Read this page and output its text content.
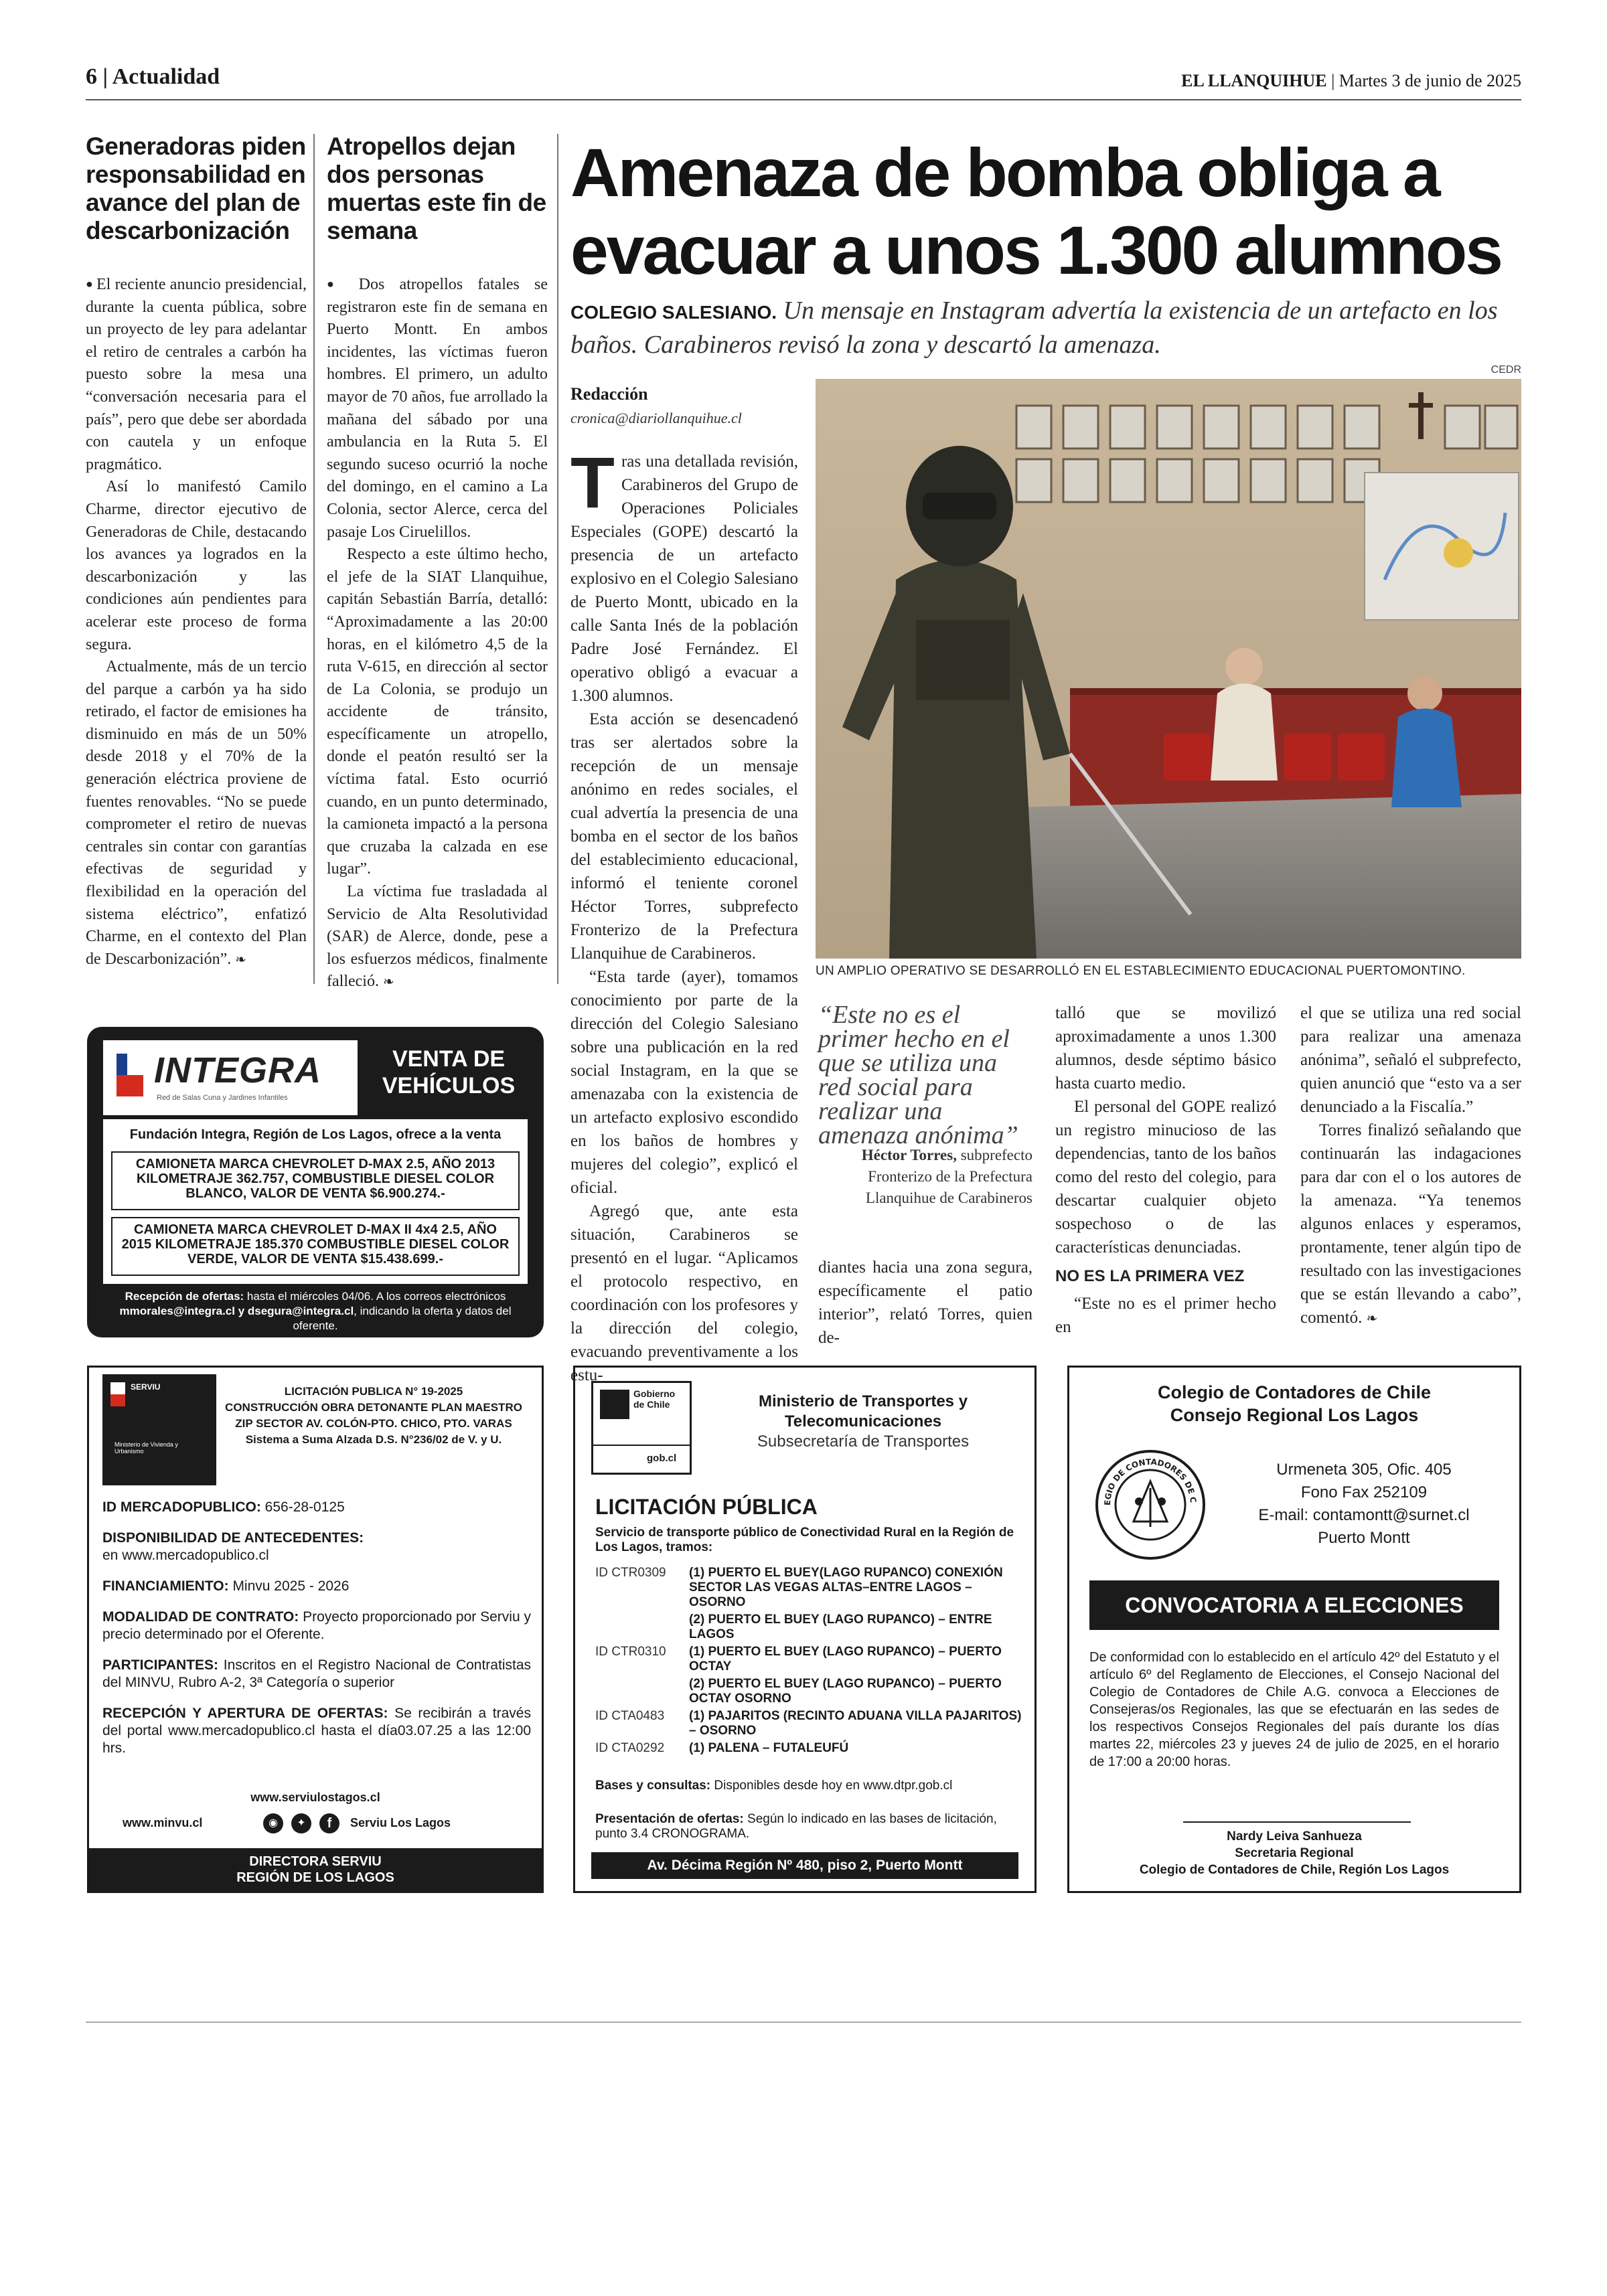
6 | Actualidad	EL LLANQUIHUE | Martes 3 de junio de 2025
Generadoras piden responsabilidad en avance del plan de descarbonización

● El reciente anuncio presidencial, durante la cuenta pública, sobre un proyecto de ley para adelantar el retiro de centrales a carbón ha puesto sobre la mesa una “conversación necesaria para el país”, pero que debe ser abordada con cautela y un enfoque pragmático.

Así lo manifestó Camilo Charme, director ejecutivo de Generadoras de Chile, destacando los avances ya logrados en la descarbonización y las condiciones aún pendientes para acelerar este proceso de forma segura.

Actualmente, más de un tercio del parque a carbón ya ha sido retirado, el factor de emisiones ha disminuido en más de un 50% desde 2018 y el 70% de la generación eléctrica proviene de fuentes renovables. “No se puede comprometer el retiro de nuevas centrales sin contar con garantías efectivas de seguridad y flexibilidad en la operación del sistema eléctrico”, enfatizó Charme, en el contexto del Plan de Descarbonización”. ❧

Atropellos dejan dos personas muertas este fin de semana

● Dos atropellos fatales se registraron este fin de semana en Puerto Montt. En ambos incidentes, las víctimas fueron hombres. El primero, un adulto mayor de 70 años, fue arrollado la mañana del sábado por una ambulancia en la Ruta 5. El segundo suceso ocurrió la noche del domingo, en el camino a La Colonia, sector Alerce, cerca del pasaje Los Ciruelillos.

Respecto a este último hecho, el jefe de la SIAT Llanquihue, capitán Sebastián Barría, detalló: “Aproximadamente a las 20:00 horas, en el kilómetro 4,5 de la ruta V-615, en dirección al sector de La Colonia, se produjo un accidente de tránsito, específicamente un atropello, donde el peatón resultó ser la víctima fatal. Esto ocurrió cuando, en un punto determinado, la camioneta impactó a la persona que cruzaba la calzada en ese lugar”.

La víctima fue trasladada al Servicio de Alta Resolutividad (SAR) de Alerce, donde, pese a los esfuerzos médicos, finalmente falleció. ❧

Amenaza de bomba obliga a evacuar a unos 1.300 alumnos
COLEGIO SALESIANO. Un mensaje en Instagram advertía la existencia de un artefacto en los baños. Carabineros revisó la zona y descartó la amenaza.
Redacción
cronica@diariollanquihue.cl

Tras una detallada revisión, Carabineros del Grupo de Operaciones Policiales Especiales (GOPE) descartó la presencia de un artefacto explosivo en el Colegio Salesiano de Puerto Montt, ubicado en la calle Santa Inés de la población Padre José Fernández. El operativo obligó a evacuar a 1.300 alumnos.

Esta acción se desencadenó tras ser alertados sobre la recepción de un mensaje anónimo en redes sociales, el cual advertía la presencia de una bomba en el sector de los baños del establecimiento educacional, informó el teniente coronel Héctor Torres, subprefecto Fronterizo de la Prefectura Llanquihue de Carabineros.

“Esta tarde (ayer), tomamos conocimiento por parte de la dirección del Colegio Salesiano sobre una publicación en la red social Instagram, en la que se amenazaba con la existencia de un artefacto explosivo escondido en los baños de hombres y mujeres del colegio”, explicó el oficial.

Agregó que, ante esta situación, Carabineros se presentó en el lugar. “Aplicamos el protocolo respectivo, en coordinación con los profesores y la dirección del colegio, evacuando preventivamente a los estu-

CEDR
UN AMPLIO OPERATIVO SE DESARROLLÓ EN EL ESTABLECIMIENTO EDUCACIONAL PUERTOMONTINO.
“Este no es el primer hecho en el que se utiliza una red social para realizar una amenaza anónima”
Héctor Torres, subprefecto
Fronterizo de la Prefectura
Llanquihue de Carabineros

diantes hacia una zona segura, específicamente el patio interior”, relató Torres, quien de-

talló que se movilizó aproximadamente a unos 1.300 alumnos, desde séptimo básico hasta cuarto medio.

El personal del GOPE realizó un registro minucioso de las dependencias, tanto de los baños como del resto del colegio, para descartar cualquier objeto sospechoso o de las características denunciadas.

NO ES LA PRIMERA VEZ

“Este no es el primer hecho en

el que se utiliza una red social para realizar una amenaza anónima”, señaló el subprefecto, quien anunció que “esto va a ser denunciado a la Fiscalía.”

Torres finalizó señalando que continuarán las indagaciones para dar con el o los autores de la amenaza. “Ya tenemos algunos enlaces y esperamos, prontamente, tener algún tipo de resultado con las investigaciones que se están llevando a cabo”, comentó. ❧

INTEGRA
Red de Salas Cuna y Jardines Infantiles
VENTA DE VEHÍCULOS
Fundación Integra, Región de Los Lagos, ofrece a la venta
CAMIONETA MARCA CHEVROLET D-MAX 2.5, AÑO 2013 KILOMETRAJE 362.757, COMBUSTIBLE DIESEL COLOR BLANCO, VALOR DE VENTA $6.900.274.-
CAMIONETA MARCA CHEVROLET D-MAX II 4x4 2.5, AÑO 2015 KILOMETRAJE 185.370 COMBUSTIBLE DIESEL COLOR VERDE, VALOR DE VENTA $15.438.699.-
Recepción de ofertas: hasta el miércoles 04/06. A los correos electrónicos mmorales@integra.cl y dsegura@integra.cl, indicando la oferta y datos del oferente.
SERVIU
Ministerio de Vivienda y Urbanismo
LICITACIÓN PUBLICA N° 19-2025
CONSTRUCCIÓN OBRA DETONANTE PLAN MAESTRO
ZIP SECTOR AV. COLÓN-PTO. CHICO, PTO. VARAS
Sistema a Suma Alzada D.S. N°236/02 de V. y U.
ID MERCADOPUBLICO: 656-28-0125
DISPONIBILIDAD DE ANTECEDENTES:
en www.mercadopublico.cl
FINANCIAMIENTO: Minvu 2025 - 2026
MODALIDAD DE CONTRATO: Proyecto proporcionado por Serviu y precio determinado por el Oferente.
PARTICIPANTES: Inscritos en el Registro Nacional de Contratistas del MINVU, Rubro A-2, 3ª Categoría o superior
RECEPCIÓN Y APERTURA DE OFERTAS: Se recibirán a través del portal www.mercadopublico.cl hasta el día03.07.25 a las 12:00 hrs.
www.serviulostagos.cl
www.minvu.cl	◉	✦	f	Serviu Los Lagos
DIRECTORA SERVIU
REGIÓN DE LOS LAGOS
Gobierno de Chile
gob.cl
Ministerio de Transportes y
Telecomunicaciones
Subsecretaría de Transportes
LICITACIÓN PÚBLICA
Servicio de transporte público de Conectividad Rural en la Región de Los Lagos, tramos:
ID CTR0309	(1) PUERTO EL BUEY(LAGO RUPANCO) CONEXIÓN SECTOR LAS VEGAS ALTAS–ENTRE LAGOS – OSORNO
(2) PUERTO EL BUEY (LAGO RUPANCO) – ENTRE LAGOS
ID CTR0310	(1) PUERTO EL BUEY (LAGO RUPANCO) – PUERTO OCTAY
(2) PUERTO EL BUEY (LAGO RUPANCO) – PUERTO OCTAY OSORNO
ID CTA0483	(1) PAJARITOS (RECINTO ADUANA VILLA PAJARITOS) – OSORNO
ID CTA0292	(1) PALENA – FUTALEUFÚ
Bases y consultas: Disponibles desde hoy en www.dtpr.gob.cl
Presentación de ofertas: Según lo indicado en las bases de licitación, punto 3.4 CRONOGRAMA.
Av. Décima Región Nº 480, piso 2, Puerto Montt
Colegio de Contadores de Chile
Consejo Regional Los Lagos
EGIO DE CONTADORES DE C
Urmeneta 305, Ofic. 405
Fono Fax 252109
E-mail: contamontt@surnet.cl
Puerto Montt
CONVOCATORIA A ELECCIONES
De conformidad con lo establecido en el artículo 42º del Estatuto y el artículo 6º del Reglamento de Elecciones, el Consejo Nacional del Colegio de Contadores de Chile A.G. convoca a Elecciones de Consejeras/os Regionales, las que se efectuarán en las sedes de los respectivos Consejos Regionales del país durante los días martes 22, miércoles 23 y jueves 24 de julio de 2025, en el horario de 17:00 a 20:00 horas.
Nardy Leiva Sanhueza
Secretaria Regional
Colegio de Contadores de Chile, Región Los Lagos
